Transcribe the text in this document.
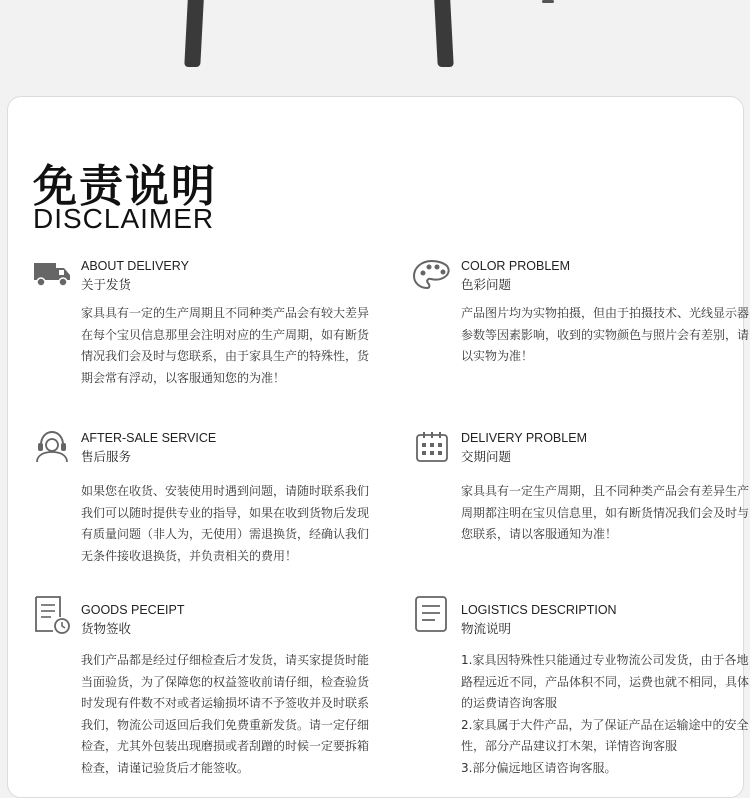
免责说明
DISCLAIMER
ABOUT DELIVERY
关于发货
家具具有一定的生产周期且不同种类产品会有较大差异在每个宝贝信息那里会注明对应的生产周期，如有断货情况我们会及时与您联系，由于家具生产的特殊性，货期会常有浮动，以客服通知您的为准！
COLOR PROBLEM
色彩问题
产品图片均为实物拍摄，但由于拍摄技术、光线显示器参数等因素影响，收到的实物颜色与照片会有差别，请以实物为准！
AFTER-SALE SERVICE
售后服务
如果您在收货、安装使用时遇到问题，请随时联系我们我们可以随时提供专业的指导，如果在收到货物后发现有质量问题（非人为，无使用）需退换货，经确认我们无条件接收退换货，并负责相关的费用！
DELIVERY PROBLEM
交期问题
家具具有一定生产周期，且不同种类产品会有差异生产周期都注明在宝贝信息里，如有断货情况我们会及时与您联系，请以客服通知为准！
GOODS PECEIPT
货物签收
我们产品都是经过仔细检查后才发货，请买家提货时能当面验货，为了保障您的权益签收前请仔细，检查验货时发现有件数不对或者运输损坏请不予签收并及时联系我们，物流公司返回后我们免费重新发货。请一定仔细检查，尤其外包装出现磨损或者刮蹭的时候一定要拆箱检查，请谨记验货后才能签收。
LOGISTICS DESCRIPTION
物流说明

1.家具因特殊性只能通过专业物流公司发货，由于各地路程远近不同，产品体积不同，运费也就不相同，具体的运费请咨询客服

2.家具属于大件产品，为了保证产品在运输途中的安全性，部分产品建议打木架，详情咨询客服

3.部分偏远地区请咨询客服。
